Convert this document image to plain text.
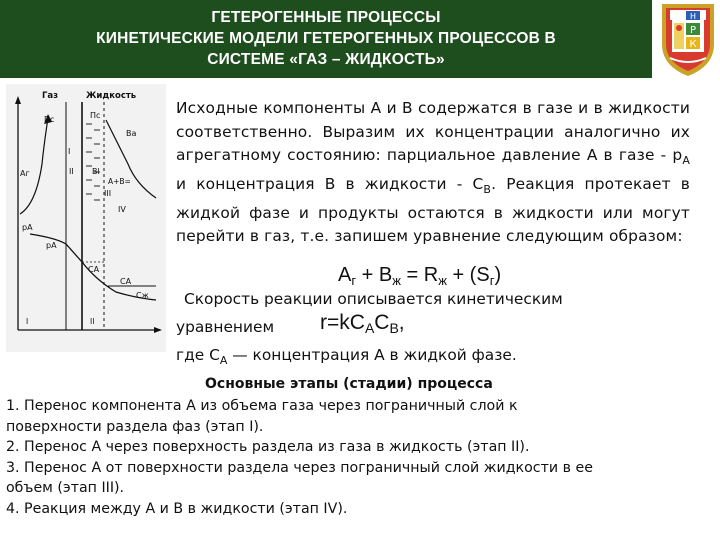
ГЕТЕРОГЕННЫЕ ПРОЦЕССЫ
КИНЕТИЧЕСКИЕ МОДЕЛИ ГЕТЕРОГЕННЫХ ПРОЦЕССОВ В
СИСТЕМЕ «ГАЗ – ЖИДКОСТЬ»
Н
Р
К
Газ	Жидкость
Пс	Пс
I
II
III
IV
Ва
Аг
А+В=
рА
рА
СА
СА
Сж
Вl
I	II
Исходные компоненты А и В содержатся в газе и в жидкости соответственно. Выразим их концентрации аналогично их агрегатному состоянию: парциальное давление А в газе - $p_A$ и концентрация В в жидкости - $C_B$. Реакция протекает в жидкой фазе и продукты остаются в жидкости или могут перейти в газ, т.е. запишем уравнение следующим образом:
$А_г + В_ж = R_ж + (S_г)$
Скорость реакции описывается кинетическим
уравнением r=kCACB,
где $C_A$ — концентрация А в жидкой фазе.
Основные этапы (стадии) процесса
1. Перенос компонента А из объема газа через пограничный слой к
поверхности раздела фаз (этап I).
2. Перенос А через поверхность раздела из газа в жидкость (этап II).
3. Перенос А от поверхности раздела через пограничный слой жидкости в ее
объем (этап III).
4. Реакция между А и В в жидкости (этап IV).
